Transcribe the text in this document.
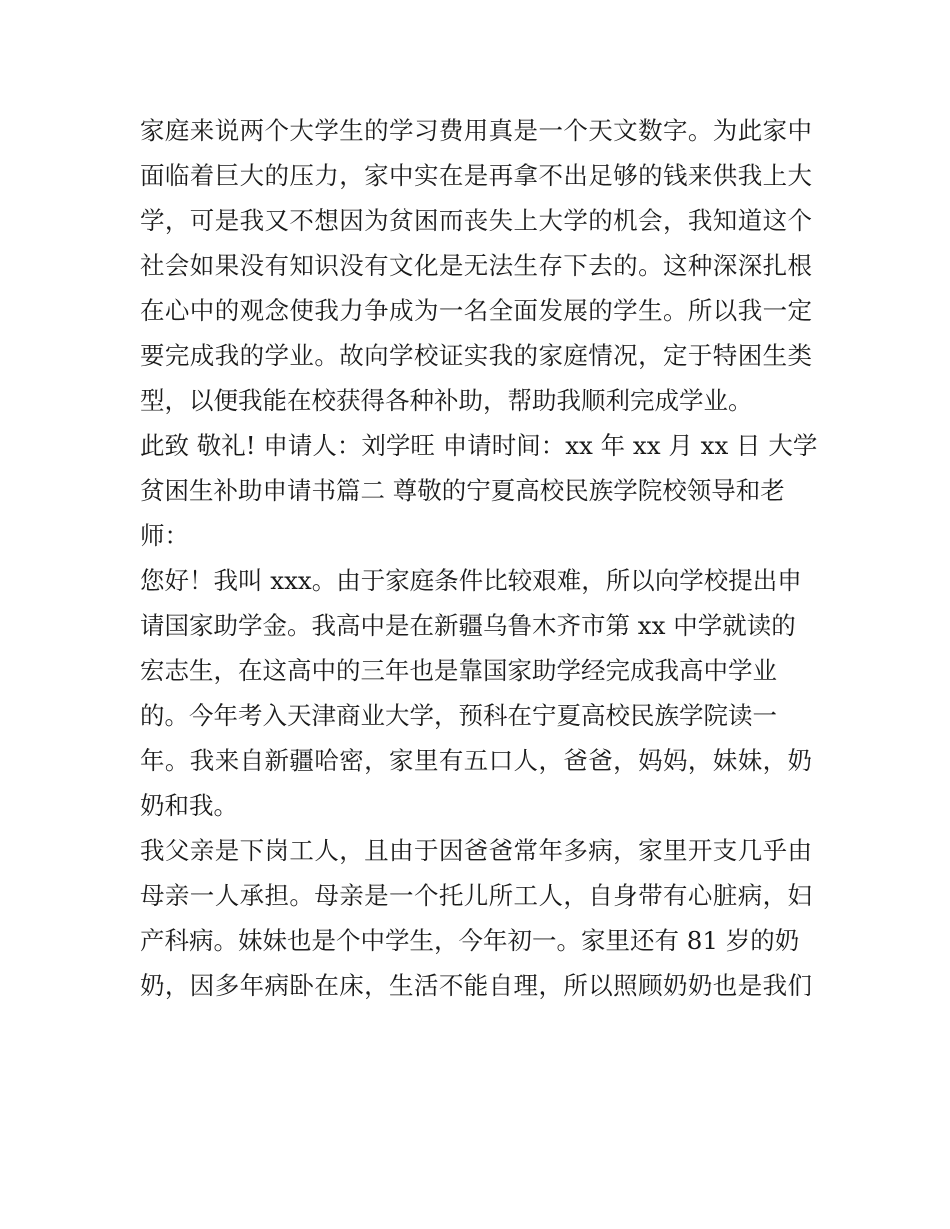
家庭来说两个大学生的学习费用真是一个天文数字。为此家中
面临着巨大的压力，家中实在是再拿不出足够的钱来供我上大
学，可是我又不想因为贫困而丧失上大学的机会，我知道这个
社会如果没有知识没有文化是无法生存下去的。这种深深扎根
在心中的观念使我力争成为一名全面发展的学生。所以我一定
要完成我的学业。故向学校证实我的家庭情况，定于特困生类
型，以便我能在校获得各种补助，帮助我顺利完成学业。
此致 敬礼! 申请人：刘学旺 申请时间：xx 年 xx 月 xx 日 大学
贫困生补助申请书篇二 尊敬的宁夏高校民族学院校领导和老
师：
您好！我叫 xxx。由于家庭条件比较艰难，所以向学校提出申
请国家助学金。我高中是在新疆乌鲁木齐市第 xx 中学就读的
宏志生，在这高中的三年也是靠国家助学经完成我高中学业
的。今年考入天津商业大学，预科在宁夏高校民族学院读一
年。我来自新疆哈密，家里有五口人，爸爸，妈妈，妹妹，奶
奶和我。
我父亲是下岗工人，且由于因爸爸常年多病，家里开支几乎由
母亲一人承担。母亲是一个托儿所工人，自身带有心脏病，妇
产科病。妹妹也是个中学生，今年初一。家里还有 81 岁的奶
奶，因多年病卧在床，生活不能自理，所以照顾奶奶也是我们
